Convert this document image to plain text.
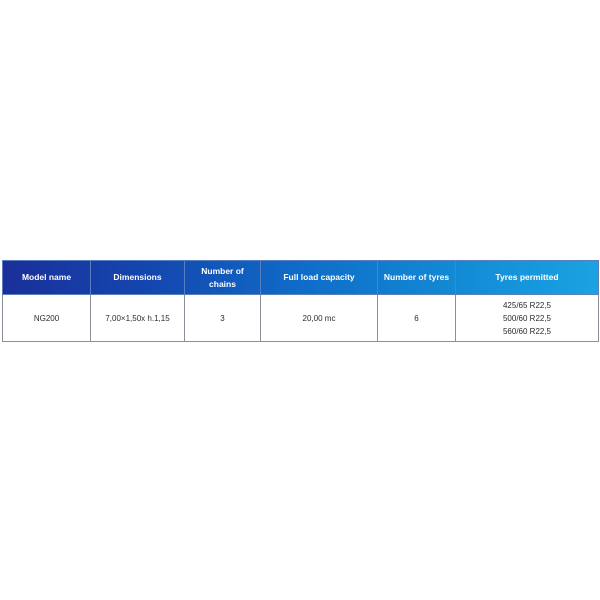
Model name	Dimensions	Number of chains	Full load capacity	Number of tyres	Tyres permitted
NG200	7,00×1,50x h.1,15	3	20,00 mc	6	425/65 R22,5
500/60 R22,5
560/60 R22,5
